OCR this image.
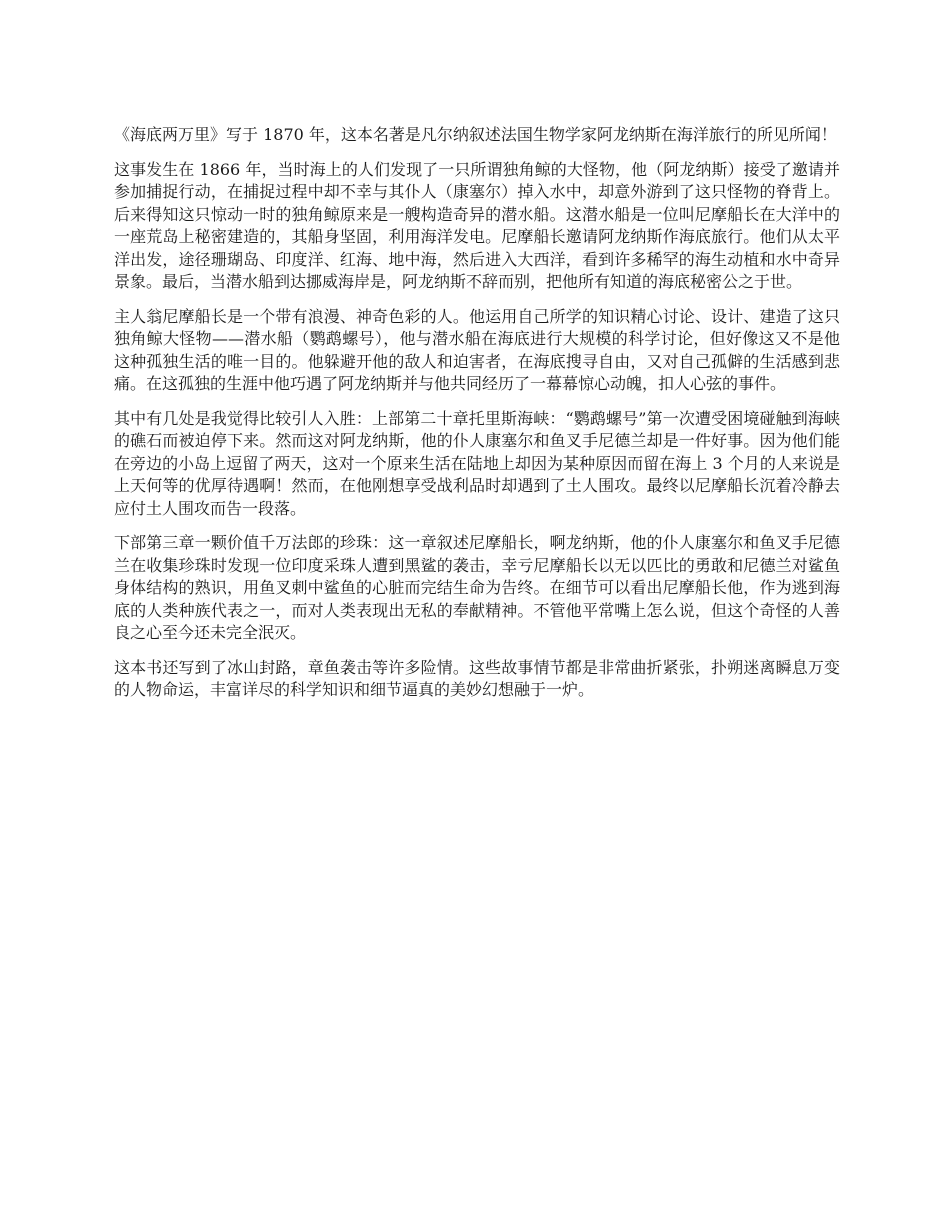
《海底两万里》写于 1870 年，这本名著是凡尔纳叙述法国生物学家阿龙纳斯在海洋旅行的所见所闻！

这事发生在 1866 年，当时海上的人们发现了一只所谓独角鲸的大怪物，他（阿龙纳斯）接受了邀请并参加捕捉行动，在捕捉过程中却不幸与其仆人（康塞尔）掉入水中，却意外游到了这只怪物的脊背上。后来得知这只惊动一时的独角鲸原来是一艘构造奇异的潜水船。这潜水船是一位叫尼摩船长在大洋中的一座荒岛上秘密建造的，其船身坚固，利用海洋发电。尼摩船长邀请阿龙纳斯作海底旅行。他们从太平洋出发，途径珊瑚岛、印度洋、红海、地中海，然后进入大西洋，看到许多稀罕的海生动植和水中奇异景象。最后，当潜水船到达挪威海岸是，阿龙纳斯不辞而别，把他所有知道的海底秘密公之于世。

主人翁尼摩船长是一个带有浪漫、神奇色彩的人。他运用自己所学的知识精心讨论、设计、建造了这只独角鲸大怪物——潜水船（鹦鹉螺号），他与潜水船在海底进行大规模的科学讨论，但好像这又不是他这种孤独生活的唯一目的。他躲避开他的敌人和迫害者，在海底搜寻自由，又对自己孤僻的生活感到悲痛。在这孤独的生涯中他巧遇了阿龙纳斯并与他共同经历了一幕幕惊心动魄，扣人心弦的事件。

其中有几处是我觉得比较引人入胜：上部第二十章托里斯海峡：“鹦鹉螺号”第一次遭受困境碰触到海峡的礁石而被迫停下来。然而这对阿龙纳斯，他的仆人康塞尔和鱼叉手尼德兰却是一件好事。因为他们能在旁边的小岛上逗留了两天，这对一个原来生活在陆地上却因为某种原因而留在海上 3 个月的人来说是上天何等的优厚待遇啊！然而，在他刚想享受战利品时却遇到了土人围攻。最终以尼摩船长沉着冷静去应付土人围攻而告一段落。

下部第三章一颗价值千万法郎的珍珠：这一章叙述尼摩船长，啊龙纳斯，他的仆人康塞尔和鱼叉手尼德兰在收集珍珠时发现一位印度采珠人遭到黑鲨的袭击，幸亏尼摩船长以无以匹比的勇敢和尼德兰对鲨鱼身体结构的熟识，用鱼叉刺中鲨鱼的心脏而完结生命为告终。在细节可以看出尼摩船长他，作为逃到海底的人类种族代表之一，而对人类表现出无私的奉献精神。不管他平常嘴上怎么说，但这个奇怪的人善良之心至今还未完全泯灭。

这本书还写到了冰山封路，章鱼袭击等许多险情。这些故事情节都是非常曲折紧张，扑朔迷离瞬息万变的人物命运，丰富详尽的科学知识和细节逼真的美妙幻想融于一炉。
